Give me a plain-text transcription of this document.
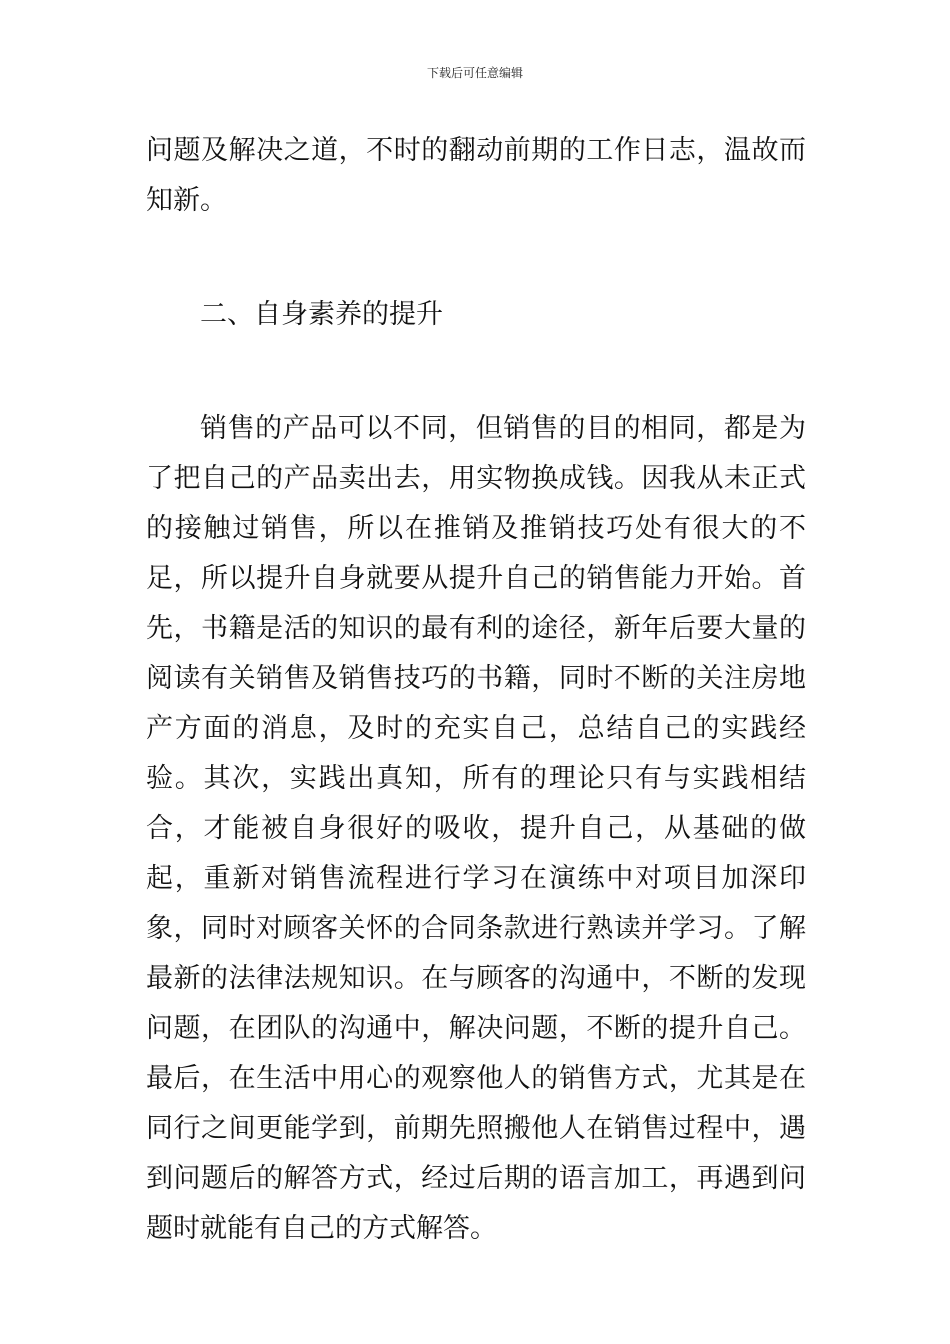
下载后可任意编辑

问题及解决之道，不时的翻动前期的工作日志，温故而知新。

二、自身素养的提升

销售的产品可以不同，但销售的目的相同，都是为了把自己的产品卖出去，用实物换成钱。因我从未正式的接触过销售，所以在推销及推销技巧处有很大的不足，所以提升自身就要从提升自己的销售能力开始。首先，书籍是活的知识的最有利的途径，新年后要大量的阅读有关销售及销售技巧的书籍，同时不断的关注房地产方面的消息，及时的充实自己，总结自己的实践经验。其次，实践出真知，所有的理论只有与实践相结合，才能被自身很好的吸收，提升自己，从基础的做起，重新对销售流程进行学习在演练中对项目加深印象，同时对顾客关怀的合同条款进行熟读并学习。了解最新的法律法规知识。在与顾客的沟通中，不断的发现问题，在团队的沟通中，解决问题，不断的提升自己。最后，在生活中用心的观察他人的销售方式，尤其是在同行之间更能学到，前期先照搬他人在销售过程中，遇到问题后的解答方式，经过后期的语言加工，再遇到问题时就能有自己的方式解答。
